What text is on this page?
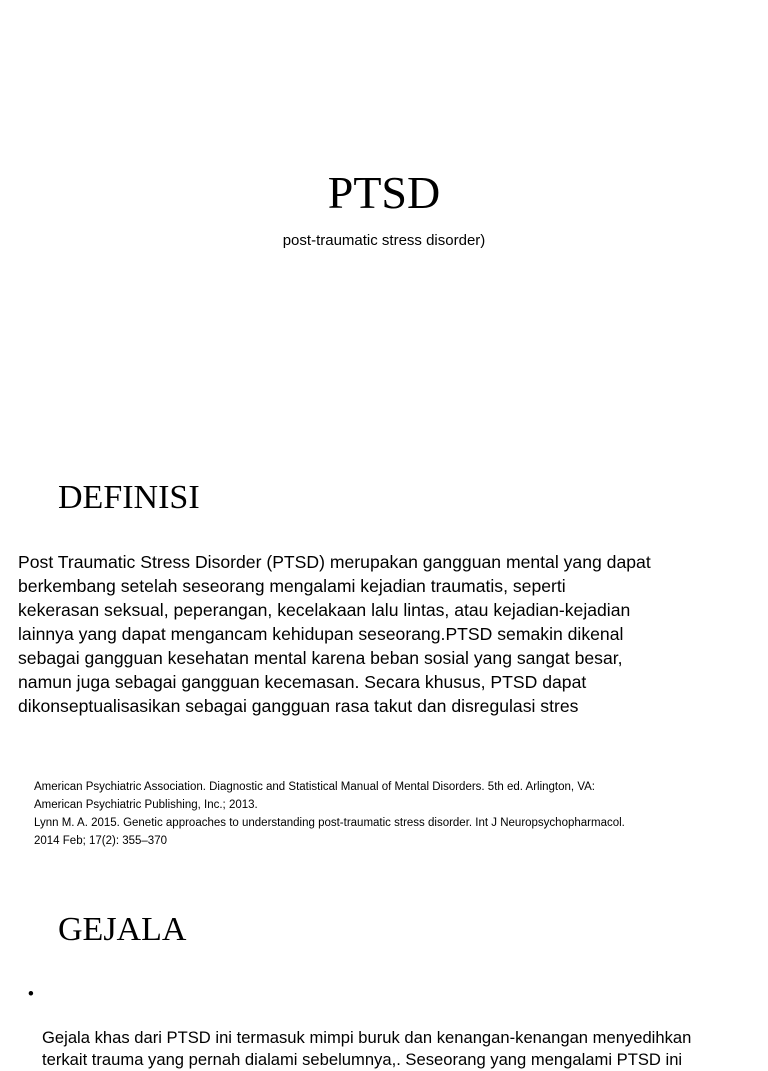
PTSD

post-traumatic stress disorder)

DEFINISI

Post Traumatic Stress Disorder (PTSD) merupakan gangguan mental yang dapat
berkembang setelah seseorang mengalami kejadian traumatis, seperti
kekerasan seksual, peperangan, kecelakaan lalu lintas, atau kejadian-kejadian
lainnya yang dapat mengancam kehidupan seseorang.PTSD semakin dikenal
sebagai gangguan kesehatan mental karena beban sosial yang sangat besar,
namun juga sebagai gangguan kecemasan. Secara khusus, PTSD dapat
dikonseptualisasikan sebagai gangguan rasa takut dan disregulasi stres

American Psychiatric Association. Diagnostic and Statistical Manual of Mental Disorders. 5th ed. Arlington, VA:
American Psychiatric Publishing, Inc.; 2013.
Lynn M. A. 2015. Genetic approaches to understanding post-traumatic stress disorder. Int J Neuropsychopharmacol.
2014 Feb; 17(2): 355–370
GEJALA

•

Gejala khas dari PTSD ini termasuk mimpi buruk dan kenangan-kenangan menyedihkan
terkait trauma yang pernah dialami sebelumnya,. Seseorang yang mengalami PTSD ini
